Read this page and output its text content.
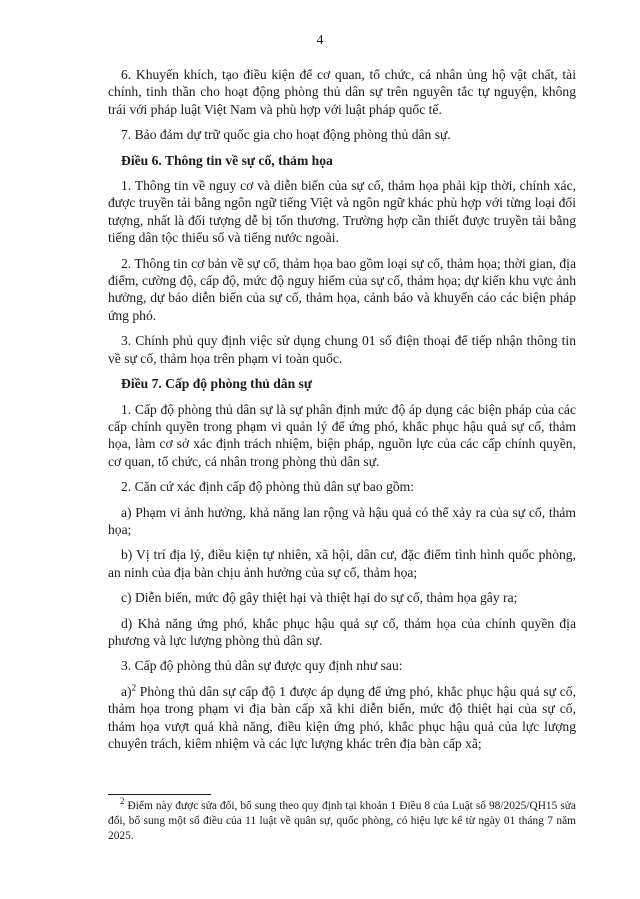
4

6. Khuyến khích, tạo điều kiện để cơ quan, tổ chức, cá nhân ủng hộ vật chất, tài chính, tinh thần cho hoạt động phòng thủ dân sự trên nguyên tắc tự nguyện, không trái với pháp luật Việt Nam và phù hợp với luật pháp quốc tế.

7. Bảo đảm dự trữ quốc gia cho hoạt động phòng thủ dân sự.

Điều 6. Thông tin về sự cố, thảm họa

1. Thông tin về nguy cơ và diễn biến của sự cố, thảm họa phải kịp thời, chính xác, được truyền tải bằng ngôn ngữ tiếng Việt và ngôn ngữ khác phù hợp với từng loại đối tượng, nhất là đối tượng dễ bị tổn thương. Trường hợp cần thiết được truyền tải bằng tiếng dân tộc thiểu số và tiếng nước ngoài.

2. Thông tin cơ bản về sự cố, thảm họa bao gồm loại sự cố, thảm họa; thời gian, địa điểm, cường độ, cấp độ, mức độ nguy hiểm của sự cố, thảm họa; dự kiến khu vực ảnh hưởng, dự báo diễn biến của sự cố, thảm họa, cảnh báo và khuyến cáo các biện pháp ứng phó.

3. Chính phủ quy định việc sử dụng chung 01 số điện thoại để tiếp nhận thông tin về sự cố, thảm họa trên phạm vi toàn quốc.

Điều 7. Cấp độ phòng thủ dân sự

1. Cấp độ phòng thủ dân sự là sự phân định mức độ áp dụng các biện pháp của các cấp chính quyền trong phạm vi quản lý để ứng phó, khắc phục hậu quả sự cố, thảm họa, làm cơ sở xác định trách nhiệm, biện pháp, nguồn lực của các cấp chính quyền, cơ quan, tổ chức, cá nhân trong phòng thủ dân sự.

2. Căn cứ xác định cấp độ phòng thủ dân sự bao gồm:

a) Phạm vi ảnh hưởng, khả năng lan rộng và hậu quả có thể xảy ra của sự cố, thảm họa;

b) Vị trí địa lý, điều kiện tự nhiên, xã hội, dân cư, đặc điểm tình hình quốc phòng, an ninh của địa bàn chịu ảnh hưởng của sự cố, thảm họa;

c) Diễn biến, mức độ gây thiệt hại và thiệt hại do sự cố, thảm họa gây ra;

d) Khả năng ứng phó, khắc phục hậu quả sự cố, thảm họa của chính quyền địa phương và lực lượng phòng thủ dân sự.

3. Cấp độ phòng thủ dân sự được quy định như sau:

a)$^2$ Phòng thủ dân sự cấp độ 1 được áp dụng để ứng phó, khắc phục hậu quả sự cố, thảm họa trong phạm vi địa bàn cấp xã khi diễn biến, mức độ thiệt hại của sự cố, thảm họa vượt quá khả năng, điều kiện ứng phó, khắc phục hậu quả của lực lượng chuyên trách, kiêm nhiệm và các lực lượng khác trên địa bàn cấp xã;

$^2$ Điểm này được sửa đổi, bổ sung theo quy định tại khoản 1 Điều 8 của Luật số 98/2025/QH15 sửa đổi, bổ sung một số điều của 11 luật về quân sự, quốc phòng, có hiệu lực kể từ ngày 01 tháng 7 năm 2025.
